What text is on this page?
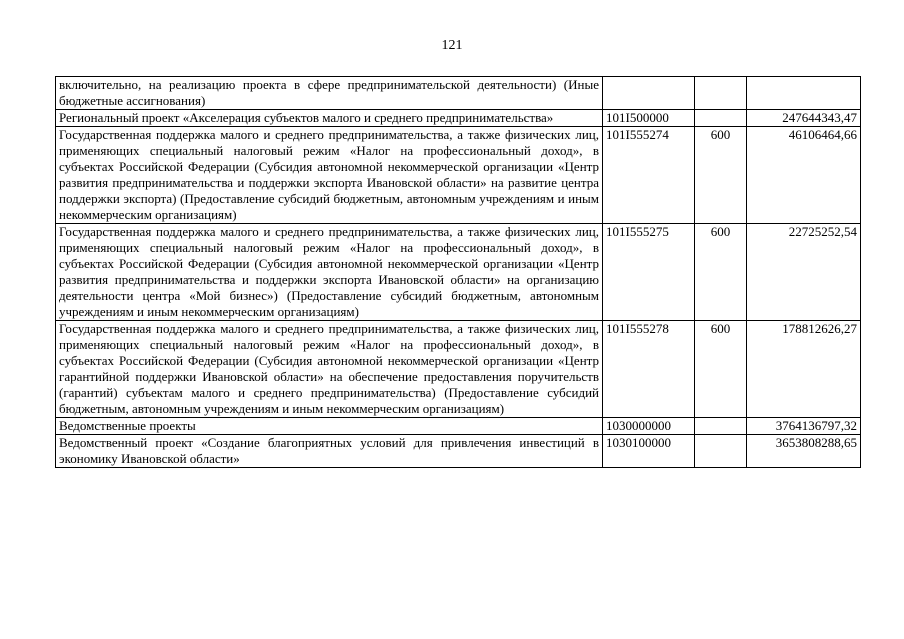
121
включительно, на реализацию проекта в сфере предпринимательской деятельности) (Иные бюджетные ассигнования)			
Региональный проект «Акселерация субъектов малого и среднего предпринимательства»	101I500000		247644343,47
Государственная поддержка малого и среднего предпринимательства, а также физических лиц, применяющих специальный налоговый режим «Налог на профессиональный доход», в субъектах Российской Федерации (Субсидия автономной некоммерческой организации «Центр развития предпринимательства и поддержки экспорта Ивановской области» на развитие центра поддержки экспорта) (Предоставление субсидий бюджетным, автономным учреждениям и иным некоммерческим организациям)	101I555274	600	46106464,66
Государственная поддержка малого и среднего предпринимательства, а также физических лиц, применяющих специальный налоговый режим «Налог на профессиональный доход», в субъектах Российской Федерации (Субсидия автономной некоммерческой организации «Центр развития предпринимательства и поддержки экспорта Ивановской области» на организацию деятельности центра «Мой бизнес») (Предоставление субсидий бюджетным, автономным учреждениям и иным некоммерческим организациям)	101I555275	600	22725252,54
Государственная поддержка малого и среднего предпринимательства, а также физических лиц, применяющих специальный налоговый режим «Налог на профессиональный доход», в субъектах Российской Федерации (Субсидия автономной некоммерческой организации «Центр гарантийной поддержки Ивановской области» на обеспечение предоставления поручительств (гарантий) субъектам малого и среднего предпринимательства) (Предоставление субсидий бюджетным, автономным учреждениям и иным некоммерческим организациям)	101I555278	600	178812626,27
Ведомственные проекты	1030000000		3764136797,32
Ведомственный проект «Создание благоприятных условий для привлечения инвестиций в экономику Ивановской области»	1030100000		3653808288,65
